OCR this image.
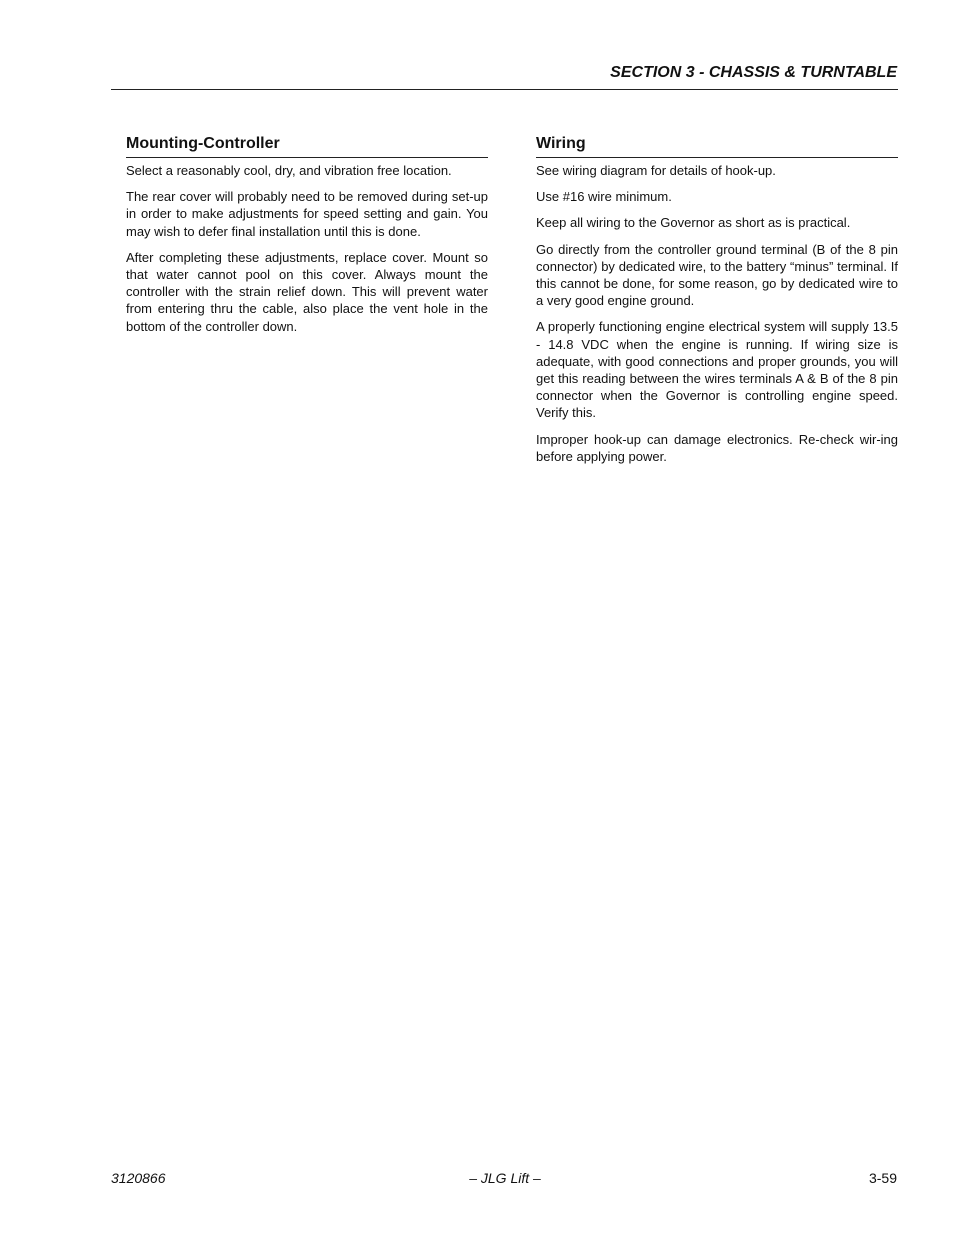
SECTION 3 - CHASSIS & TURNTABLE
Mounting-Controller

Select a reasonably cool, dry, and vibration free location.

The rear cover will probably need to be removed during set-up in order to make adjustments for speed setting and gain. You may wish to defer final installation until this is done.

After completing these adjustments, replace cover. Mount so that water cannot pool on this cover. Always mount the controller with the strain relief down. This will prevent water from entering thru the cable, also place the vent hole in the bottom of the controller down.

Wiring

See wiring diagram for details of hook-up.

Use #16 wire minimum.

Keep all wiring to the Governor as short as is practical.

Go directly from the controller ground terminal (B of the 8 pin connector) by dedicated wire, to the battery “minus” terminal. If this cannot be done, for some reason, go by dedicated wire to a very good engine ground.

A properly functioning engine electrical system will supply 13.5 - 14.8 VDC when the engine is running. If wiring size is adequate, with good connections and proper grounds, you will get this reading between the wires terminals A & B of the 8 pin connector when the Governor is controlling engine speed. Verify this.

Improper hook-up can damage electronics. Re-check wir-ing before applying power.

3120866	– JLG Lift –	3-59
